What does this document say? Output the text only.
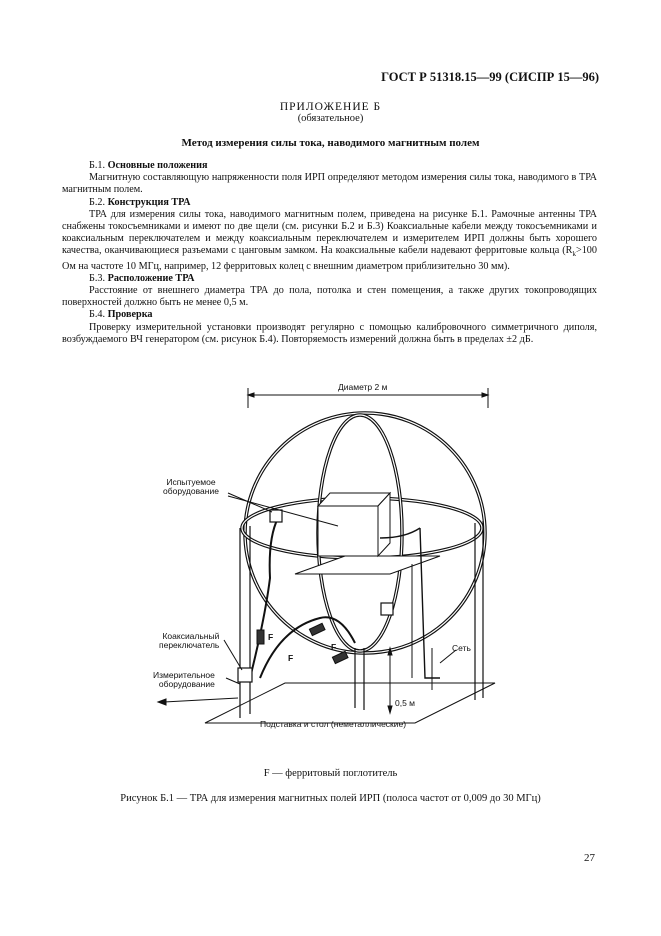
ГОСТ Р 51318.15—99 (СИСПР 15—96)
ПРИЛОЖЕНИЕ Б
(обязательное)
Метод измерения силы тока, наводимого магнитным полем

Б.1. Основные положения

Магнитную составляющую напряженности поля ИРП определяют методом измерения силы тока, наводимого в ТРА магнитным полем.

Б.2. Конструкция ТРА

ТРА для измерения силы тока, наводимого магнитным полем, приведена на рисунке Б.1. Рамочные антенны ТРА снабжены токосъемниками и имеют по две щели (см. рисунки Б.2 и Б.3) Коаксиальные кабели между токосъемниками и коаксиальным переключателем и между коаксиальным переключателем и измерителем ИРП должны быть хорошего качества, оканчивающиеся разъемами с цанговым замком. На коаксиальные кабели надевают ферритовые кольца ($R_k>100$ Ом на частоте 10 МГц, например, 12 ферритовых колец с внешним диаметром приблизительно 30 мм).

Б.3. Расположение ТРА

Расстояние от внешнего диаметра ТРА до пола, потолка и стен помещения, а также других токопроводящих поверхностей должно быть не менее 0,5 м.

Б.4. Проверка

Проверку измерительной установки производят регулярно с помощью калибровочного симметричного диполя, возбуждаемого ВЧ генератором (см. рисунок Б.4). Повторяемость измерений должна быть в пределах ±2 дБ.

Диаметр 2 м
Испытуемое
оборудование
Коаксиальный
переключатель
Измерительное
оборудование
Сеть
0,5 м
Подставка и стол (неметаллические)
F
F
F
F — ферритовый поглотитель
Рисунок Б.1 — ТРА для измерения магнитных полей ИРП (полоса частот от 0,009 до 30 МГц)
27
